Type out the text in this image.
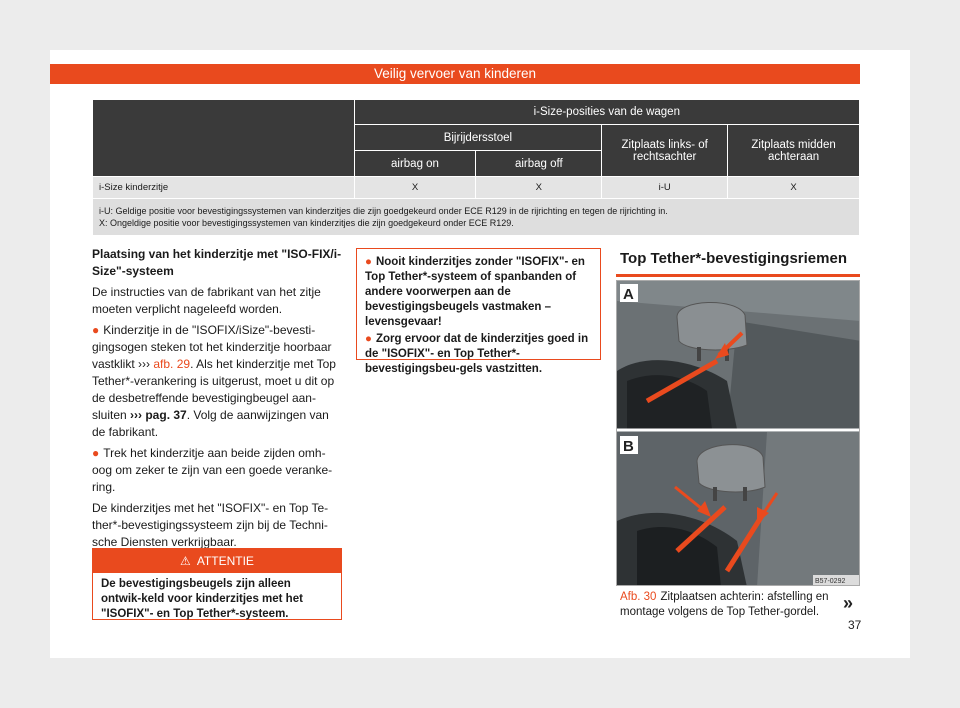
Veilig vervoer van kinderen
	i-Size-posities van de wagen			
	Bijrijdersstoel		Zitplaats links- of rechtsachter	Zitplaats midden achteraan
	airbag on	airbag off		
i-Size kinderzitje	X	X	i-U	X

i-U: Geldige positie voor bevestigingssystemen van kinderzitjes die zijn goedgekeurd onder ECE R129 in de rijrichting en tegen de rijrichting in.
X: Ongeldige positie voor bevestigingssystemen van kinderzitjes die zijn goedgekeurd onder ECE R129.				
Plaatsing van het kinderzitje met "ISO-FIX/i-Size"-systeem

De instructies van de fabrikant van het zitje moeten verplicht nageleefd worden.

● Kinderzitje in de "ISOFIX/iSize"-bevesti-gingsogen steken tot het kinderzitje hoorbaar vastklikt ››› afb. 29. Als het kinderzitje met Top Tether*-verankering is uitgerust, moet u dit op de desbetreffende bevestigingbeugel aan-sluiten ››› pag. 37. Volg de aanwijzingen van de fabrikant.

● Trek het kinderzitje aan beide zijden omh-oog om zeker te zijn van een goede veranke-ring.

De kinderzitjes met het "ISOFIX"- en Top Te-ther*-bevestigingssysteem zijn bij de Techni-sche Diensten verkrijgbaar.

⚠ ATTENTIE
De bevestigingsbeugels zijn alleen ontwik-keld voor kinderzitjes met het "ISOFIX"- en Top Tether*-systeem.

● Nooit kinderzitjes zonder "ISOFIX"- en Top Tether*-systeem of spanbanden of andere voorwerpen aan de bevestigingsbeugels vastmaken – levensgevaar!

● Zorg ervoor dat de kinderzitjes goed in de "ISOFIX"- en Top Tether*-bevestigingsbeu-gels vastzitten.

Top Tether*-bevestigingsriemen
A
B
B57-0292
Afb. 30 Zitplaatsen achterin: afstelling en montage volgens de Top Tether-gordel.	»
37
